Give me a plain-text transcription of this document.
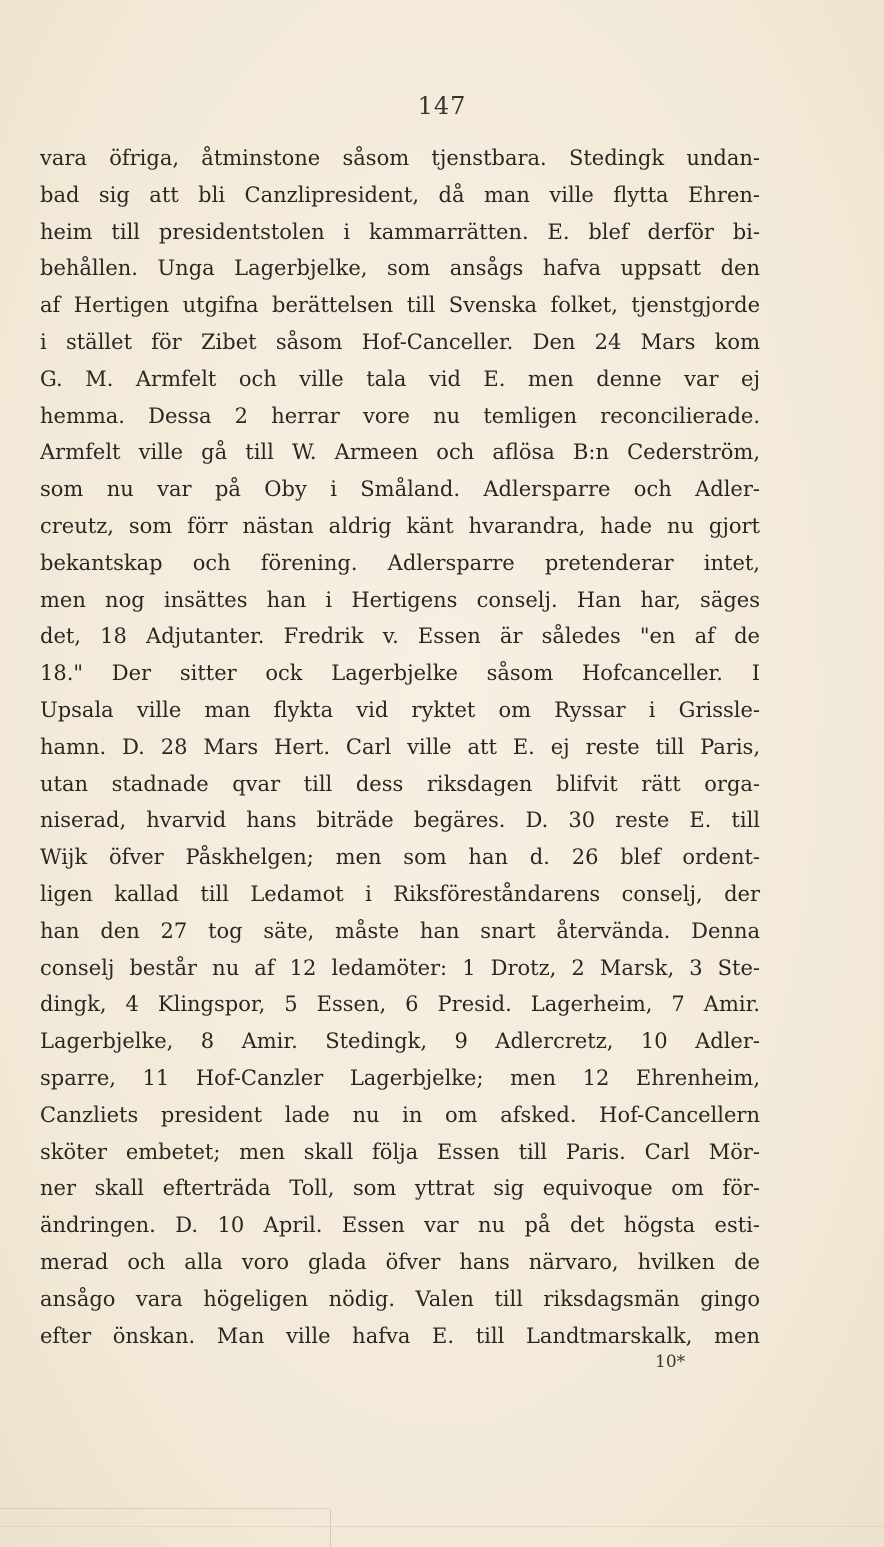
147
vara öfriga, åtminstone såsom tjenstbara. Stedingk undan-
bad sig att bli Canzlipresident, då man ville flytta Ehren-
heim till presidentstolen i kammarrätten. E. blef derför bi-
behållen. Unga Lagerbjelke, som ansågs hafva uppsatt den
af Hertigen utgifna berättelsen till Svenska folket, tjenstgjorde
i stället för Zibet såsom Hof-Canceller. Den 24 Mars kom
G. M. Armfelt och ville tala vid E. men denne var ej
hemma. Dessa 2 herrar vore nu temligen reconcilierade.
Armfelt ville gå till W. Armeen och aflösa B:n Cederström,
som nu var på Oby i Småland. Adlersparre och Adler-
creutz, som förr nästan aldrig känt hvarandra, hade nu gjort
bekantskap och förening. Adlersparre pretenderar intet,
men nog insättes han i Hertigens conselj. Han har, säges
det, 18 Adjutanter. Fredrik v. Essen är således "en af de
18." Der sitter ock Lagerbjelke såsom Hofcanceller. I
Upsala ville man flykta vid ryktet om Ryssar i Grissle-
hamn. D. 28 Mars Hert. Carl ville att E. ej reste till Paris,
utan stadnade qvar till dess riksdagen blifvit rätt orga-
niserad, hvarvid hans biträde begäres. D. 30 reste E. till
Wijk öfver Påskhelgen; men som han d. 26 blef ordent-
ligen kallad till Ledamot i Riksföreståndarens conselj, der
han den 27 tog säte, måste han snart återvända. Denna
conselj består nu af 12 ledamöter: 1 Drotz, 2 Marsk, 3 Ste-
dingk, 4 Klingspor, 5 Essen, 6 Presid. Lagerheim, 7 Amir.
Lagerbjelke, 8 Amir. Stedingk, 9 Adlercretz, 10 Adler-
sparre, 11 Hof-Canzler Lagerbjelke; men 12 Ehrenheim,
Canzliets president lade nu in om afsked. Hof-Cancellern
sköter embetet; men skall följa Essen till Paris. Carl Mör-
ner skall efterträda Toll, som yttrat sig equivoque om för-
ändringen. D. 10 April. Essen var nu på det högsta esti-
merad och alla voro glada öfver hans närvaro, hvilken de
ansågo vara högeligen nödig. Valen till riksdagsmän gingo
efter önskan. Man ville hafva E. till Landtmarskalk, men
10*
